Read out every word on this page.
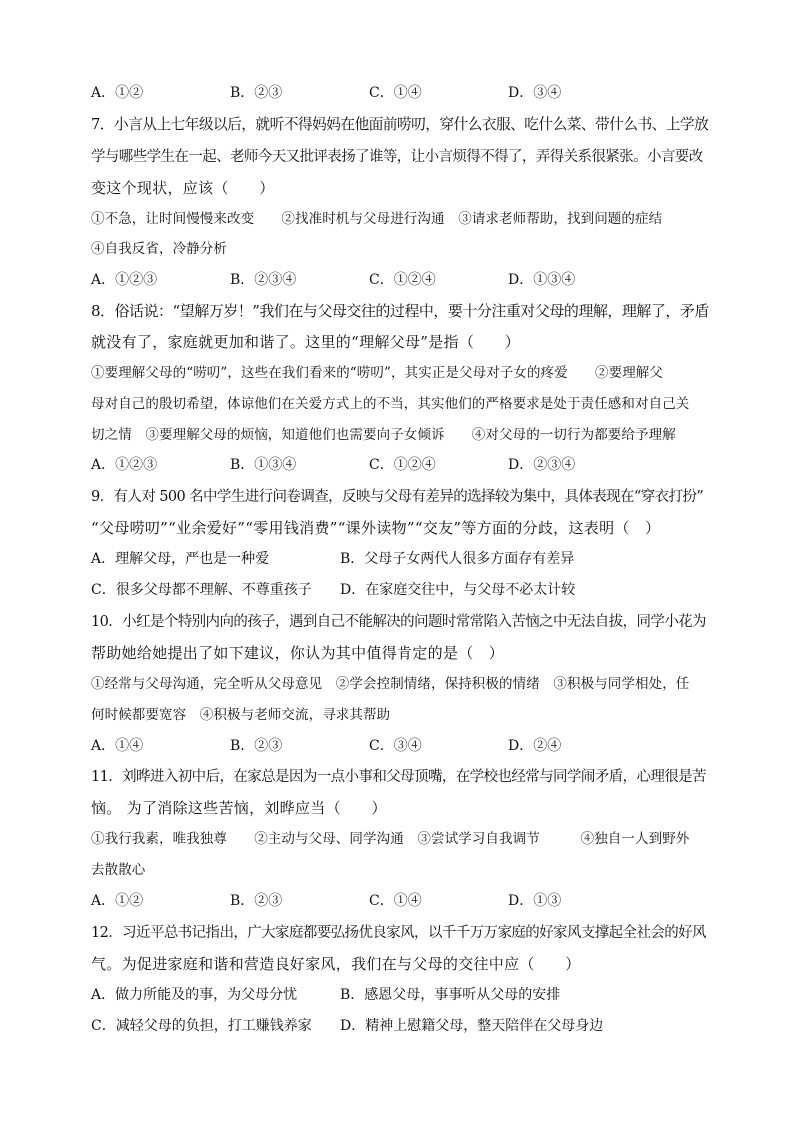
A．①②	B．②③	C．①④	D．③④
7．小言从上七年级以后，就听不得妈妈在他面前唠叨，穿什么衣服、吃什么菜、带什么书、上学放
学与哪些学生在一起、老师今天又批评表扬了谁等，让小言烦得不得了，弄得关系很紧张。小言要改
变这个现状，应该（　　）
①不急，让时间慢慢来改变　　②找准时机与父母进行沟通　③请求老师帮助，找到问题的症结
④自我反省，冷静分析
A．①②③	B．②③④	C．①②④	D．①③④
8．俗话说：“望解万岁！”我们在与父母交往的过程中，要十分注重对父母的理解，理解了，矛盾
就没有了，家庭就更加和谐了。这里的“理解父母”是指（　　）
①要理解父母的“唠叨”，这些在我们看来的“唠叨”，其实正是父母对子女的疼爱　　②要理解父
母对自己的殷切希望，体谅他们在关爱方式上的不当，其实他们的严格要求是处于责任感和对自己关
切之情　③要理解父母的烦恼，知道他们也需要向子女倾诉　　④对父母的一切行为都要给予理解
A．①②③	B．①③④	C．①②④	D．②③④
9．有人对 500 名中学生进行问卷调查，反映与父母有差异的选择较为集中，具体表现在“穿衣打扮”
“父母唠叨”“业余爱好”“零用钱消费”“课外读物”“交友”等方面的分歧，这表明（　）
A．理解父母，严也是一种爱	B．父母子女两代人很多方面存有差异
C．很多父母都不理解、不尊重孩子 D．在家庭交往中，与父母不必太计较
10．小红是个特别内向的孩子，遇到自己不能解决的问题时常常陷入苦恼之中无法自拔，同学小花为
帮助她给她提出了如下建议，你认为其中值得肯定的是（　）
①经常与父母沟通，完全听从父母意见　②学会控制情绪，保持积极的情绪　③积极与同学相处，任
何时候都要宽容　④积极与老师交流，寻求其帮助
A．①④	B．②③	C．③④	D．②④
11．刘晔进入初中后，在家总是因为一点小事和父母顶嘴，在学校也经常与同学闹矛盾，心理很是苦
恼。 为了消除这些苦恼，刘晔应当（　　）
①我行我素，唯我独尊　　②主动与父母、同学沟通　③尝试学习自我调节　　　④独自一人到野外
去散散心
A．①②	B．②③	C．①④	D．①③
12．习近平总书记指出，广大家庭都要弘扬优良家风，以千千万万家庭的好家风支撑起全社会的好风
气。为促进家庭和谐和营造良好家风，我们在与父母的交往中应（　　）
A．做力所能及的事，为父母分忧	B．感恩父母，事事听从父母的安排
C．减轻父母的负担，打工赚钱养家 D．精神上慰籍父母，整天陪伴在父母身边
